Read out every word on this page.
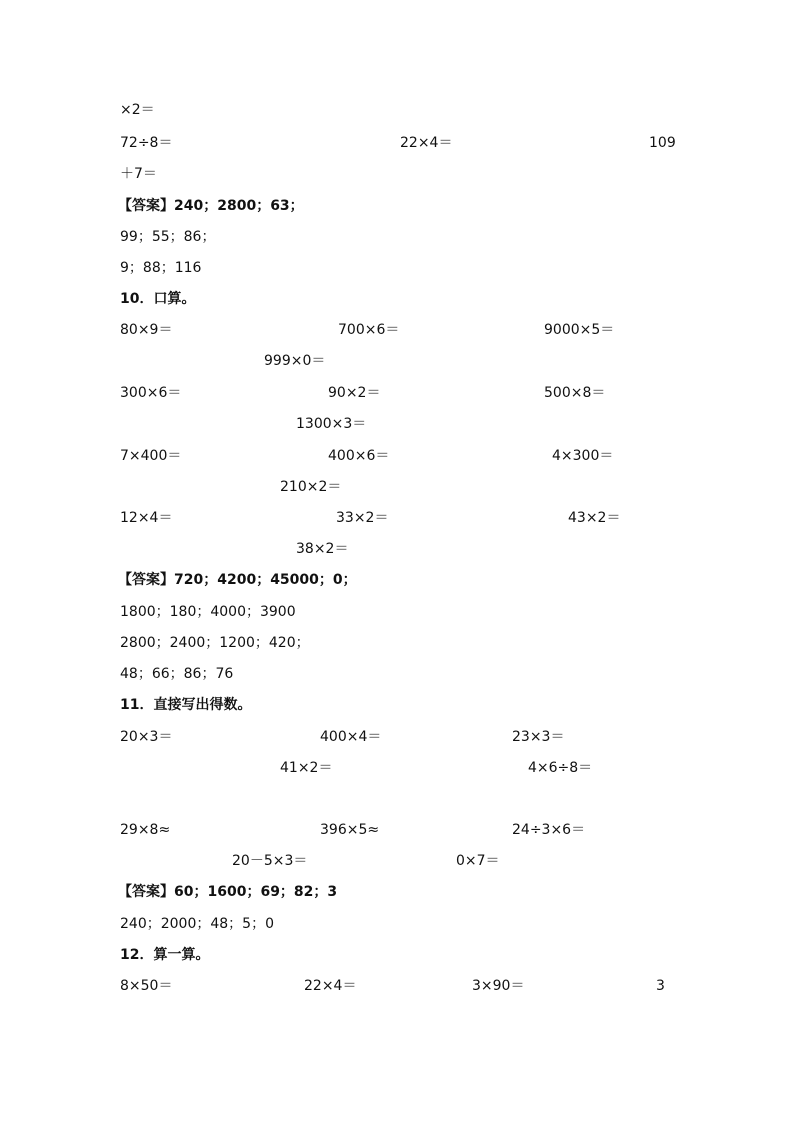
×2＝
72÷8＝	22×4＝	109
＋7＝
【答案】240；2800；63；
99；55；86；
9；88；116
10．口算。
80×9＝	700×6＝	9000×5＝
999×0＝
300×6＝	90×2＝	500×8＝
1300×3＝
7×400＝	400×6＝	4×300＝
210×2＝
12×4＝	33×2＝	43×2＝
38×2＝
【答案】720；4200；45000；0；
1800；180；4000；3900
2800；2400；1200；420；
48；66；86；76
11．直接写出得数。
20×3＝	400×4＝	23×3＝
41×2＝	4×6÷8＝
29×8≈	396×5≈	24÷3×6＝
20－5×3＝	0×7＝
【答案】60；1600；69；82；3
240；2000；48；5；0
12．算一算。
8×50＝	22×4＝	3×90＝	3
